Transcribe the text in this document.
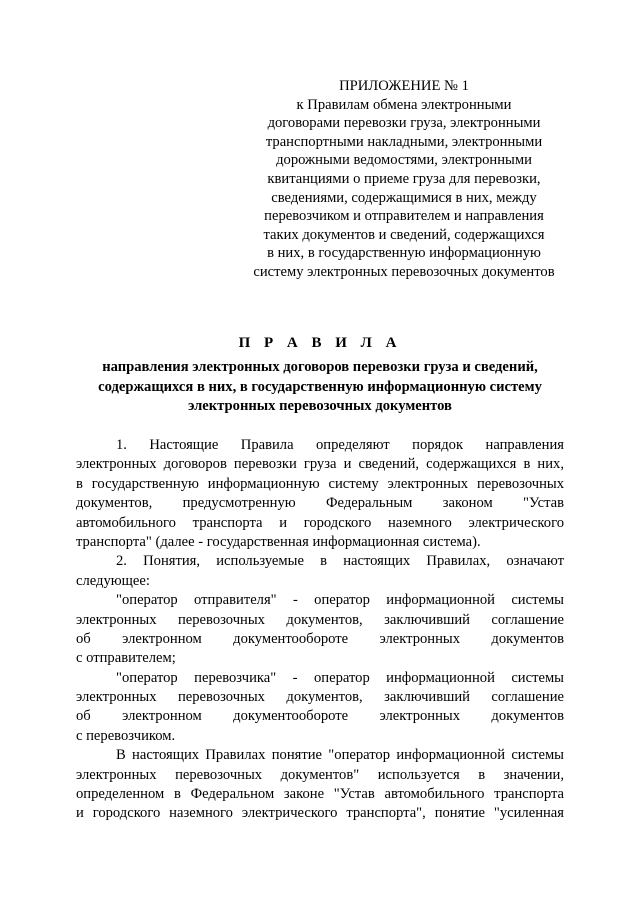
ПРИЛОЖЕНИЕ № 1
к Правилам обмена электронными
договорами перевозки груза, электронными
транспортными накладными, электронными
дорожными ведомостями, электронными
квитанциями о приеме груза для перевозки,
сведениями, содержащимися в них, между
перевозчиком и отправителем и направления
таких документов и сведений, содержащихся
в них, в государственную информационную
систему электронных перевозочных документов
П Р А В И Л А
направления электронных договоров перевозки груза и сведений,
содержащихся в них, в государственную информационную систему
электронных перевозочных документов
1. Настоящие Правила определяют порядок направления
электронных договоров перевозки груза и сведений, содержащихся в них,
в государственную информационную систему электронных перевозочных
документов, предусмотренную Федеральным законом "Устав
автомобильного транспорта и городского наземного электрического
транспорта" (далее - государственная информационная система).
2. Понятия, используемые в настоящих Правилах, означают
следующее:
"оператор отправителя" - оператор информационной системы
электронных перевозочных документов, заключивший соглашение
об электронном документообороте электронных документов
с отправителем;
"оператор перевозчика" - оператор информационной системы
электронных перевозочных документов, заключивший соглашение
об электронном документообороте электронных документов
с перевозчиком.
В настоящих Правилах понятие "оператор информационной системы
электронных перевозочных документов" используется в значении,
определенном в Федеральном законе "Устав автомобильного транспорта
и городского наземного электрического транспорта", понятие "усиленная
